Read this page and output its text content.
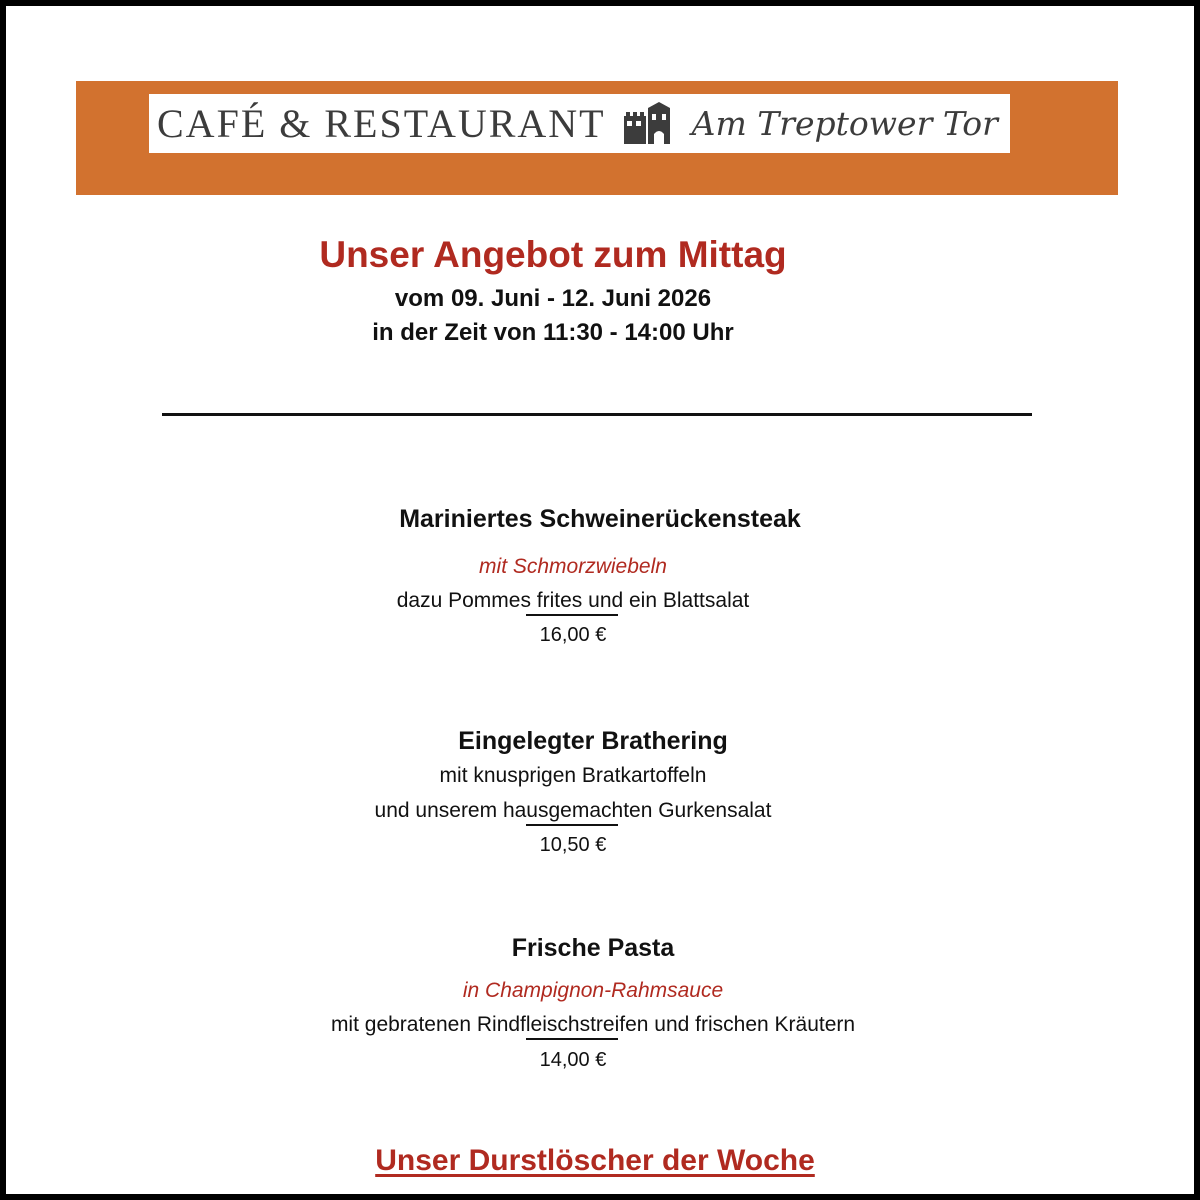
CAFÉ & RESTAURANT	Am Treptower Tor
Unser Angebot zum Mittag
vom 09. Juni - 12. Juni 2026
in der Zeit von 11:30 - 14:00 Uhr
Mariniertes Schweinerückensteak
mit Schmorzwiebeln
dazu Pommes frites und ein Blattsalat
16,00 €
Eingelegter Brathering
mit knusprigen Bratkartoffeln
und unserem hausgemachten Gurkensalat
10,50 €
Frische Pasta
in Champignon-Rahmsauce
mit gebratenen Rindfleischstreifen und frischen Kräutern
14,00 €
Unser Durstlöscher der Woche
